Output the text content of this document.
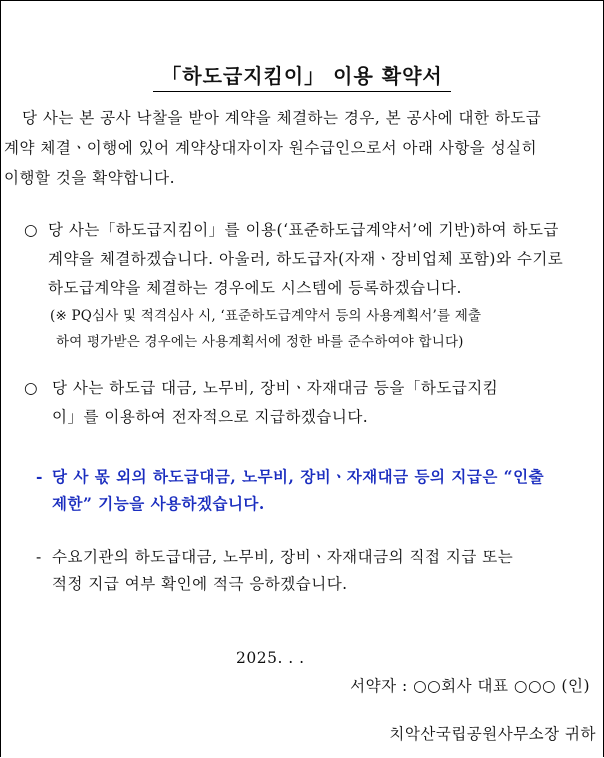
「하도급지킴이」 이용 확약서
당 사는 본 공사 낙찰을 받아 계약을 체결하는 경우, 본 공사에 대한 하도급
계약 체결ㆍ이행에 있어 계약상대자이자 원수급인으로서 아래 사항을 성실히
이행할 것을 확약합니다.
○ 당 사는「하도급지킴이」를 이용(‘표준하도급계약서’에 기반)하여 하도급
계약을 체결하겠습니다. 아울러, 하도급자(자재ㆍ장비업체 포함)와 수기로
하도급계약을 체결하는 경우에도 시스템에 등록하겠습니다.
(※ PQ심사 및 적격심사 시, ‘표준하도급계약서 등의 사용계획서’를 제출
하여 평가받은 경우에는 사용계획서에 정한 바를 준수하여야 합니다)
○ 당 사는 하도급 대금, 노무비, 장비ㆍ자재대금 등을「하도급지킴
이」를 이용하여 전자적으로 지급하겠습니다.
- 당 사 몫 외의 하도급대금, 노무비, 장비ㆍ자재대금 등의 지급은 “인출
제한” 기능을 사용하겠습니다.
- 수요기관의 하도급대금, 노무비, 장비ㆍ자재대금의 직접 지급 또는
적정 지급 여부 확인에 적극 응하겠습니다.
2025. . .
서약자 : ○○회사 대표 ○○○ (인)
치악산국립공원사무소장 귀하
